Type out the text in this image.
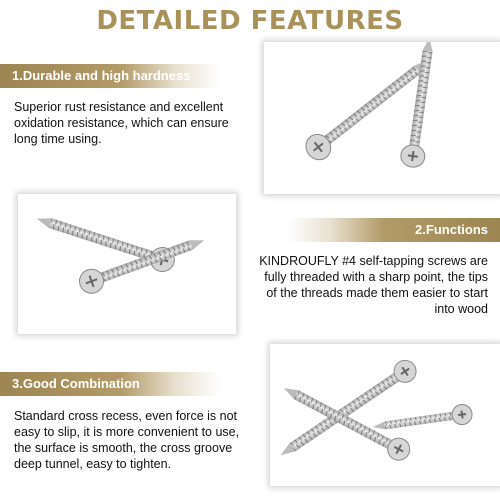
DETAILED FEATURES
1.Durable and high hardness
Superior rust resistance and excellent oxidation resistance, which can ensure long time using.
2.Functions
KINDROUFLY #4 self-tapping screws are fully threaded with a sharp point, the tips of the threads made them easier to start into wood
3.Good Combination
Standard cross recess, even force is not easy to slip, it is more convenient to use, the surface is smooth, the cross groove deep tunnel, easy to tighten.
